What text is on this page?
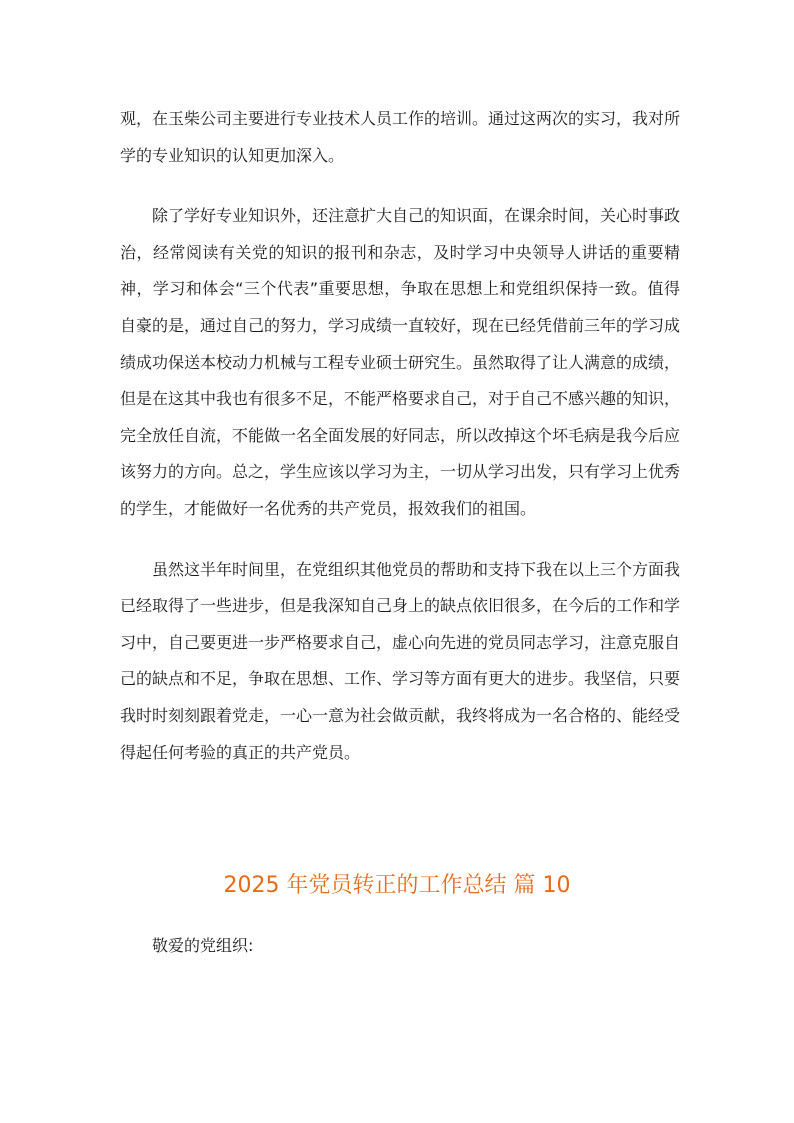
观，在玉柴公司主要进行专业技术人员工作的培训。通过这两次的实习，我对所学的专业知识的认知更加深入。

除了学好专业知识外，还注意扩大自己的知识面，在课余时间，关心时事政治，经常阅读有关党的知识的报刊和杂志，及时学习中央领导人讲话的重要精神，学习和体会“三个代表”重要思想，争取在思想上和党组织保持一致。值得自豪的是，通过自己的努力，学习成绩一直较好，现在已经凭借前三年的学习成绩成功保送本校动力机械与工程专业硕士研究生。虽然取得了让人满意的成绩，但是在这其中我也有很多不足，不能严格要求自己，对于自己不感兴趣的知识，完全放任自流，不能做一名全面发展的好同志，所以改掉这个坏毛病是我今后应该努力的方向。总之，学生应该以学习为主，一切从学习出发，只有学习上优秀的学生，才能做好一名优秀的共产党员，报效我们的祖国。

虽然这半年时间里，在党组织其他党员的帮助和支持下我在以上三个方面我已经取得了一些进步，但是我深知自己身上的缺点依旧很多，在今后的工作和学习中，自己要更进一步严格要求自己，虚心向先进的党员同志学习，注意克服自己的缺点和不足，争取在思想、工作、学习等方面有更大的进步。我坚信，只要我时时刻刻跟着党走，一心一意为社会做贡献，我终将成为一名合格的、能经受得起任何考验的真正的共产党员。

2025 年党员转正的工作总结 篇 10

敬爱的党组织:
